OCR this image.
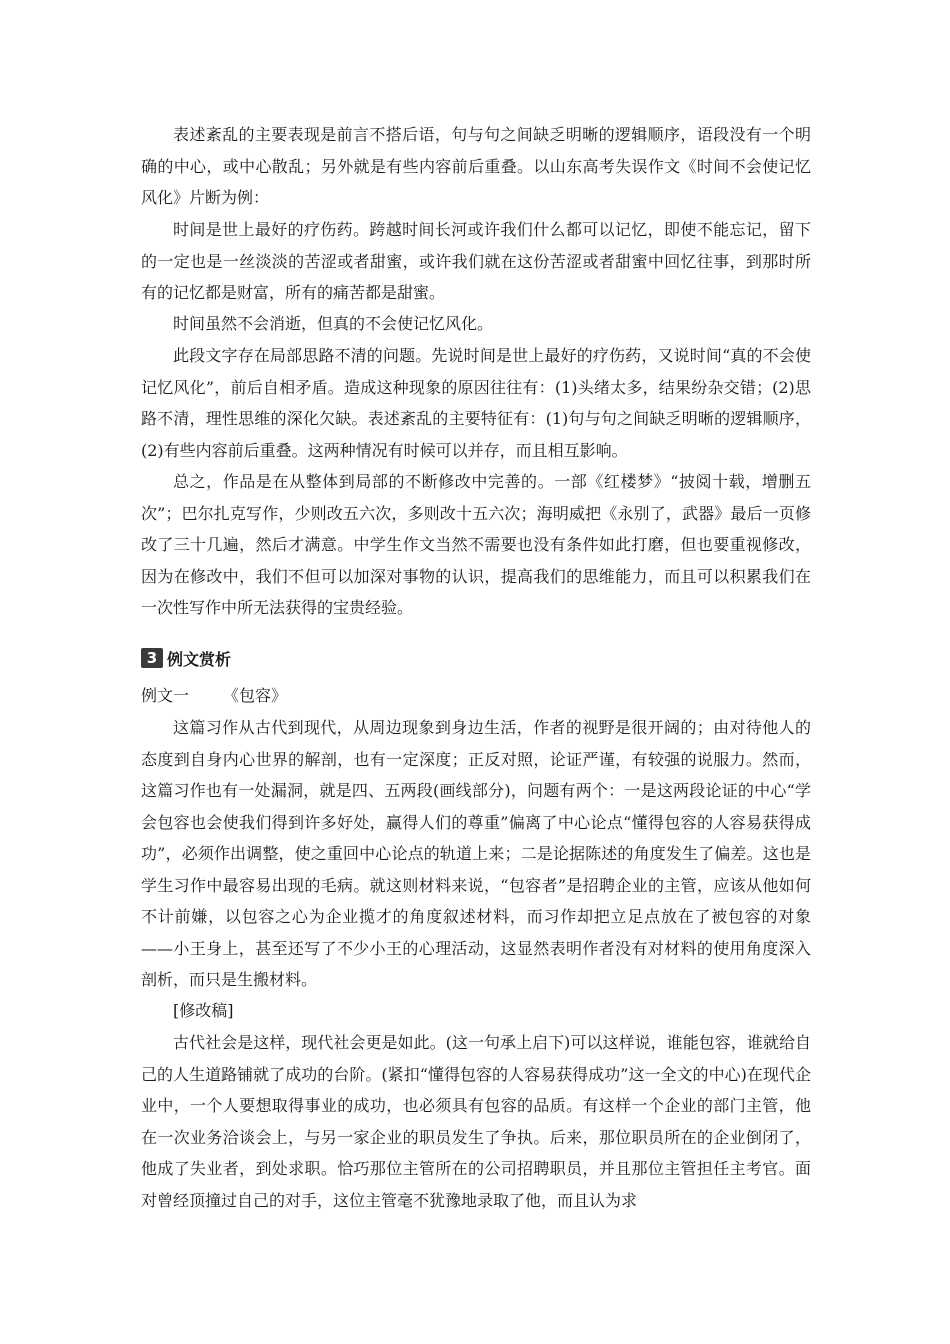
表述紊乱的主要表现是前言不搭后语，句与句之间缺乏明晰的逻辑顺序，语段没有一个明确的中心，或中心散乱；另外就是有些内容前后重叠。以山东高考失误作文《时间不会使记忆风化》片断为例：

时间是世上最好的疗伤药。跨越时间长河或许我们什么都可以记忆，即使不能忘记，留下的一定也是一丝淡淡的苦涩或者甜蜜，或许我们就在这份苦涩或者甜蜜中回忆往事，到那时所有的记忆都是财富，所有的痛苦都是甜蜜。

时间虽然不会消逝，但真的不会使记忆风化。

此段文字存在局部思路不清的问题。先说时间是世上最好的疗伤药，又说时间“真的不会使记忆风化”，前后自相矛盾。造成这种现象的原因往往有：(1)头绪太多，结果纷杂交错；(2)思路不清，理性思维的深化欠缺。表述紊乱的主要特征有：(1)句与句之间缺乏明晰的逻辑顺序，(2)有些内容前后重叠。这两种情况有时候可以并存，而且相互影响。

总之，作品是在从整体到局部的不断修改中完善的。一部《红楼梦》“披阅十载，增删五次”；巴尔扎克写作，少则改五六次，多则改十五六次；海明威把《永别了，武器》最后一页修改了三十几遍，然后才满意。中学生作文当然不需要也没有条件如此打磨，但也要重视修改，因为在修改中，我们不但可以加深对事物的认识，提高我们的思维能力，而且可以积累我们在一次性写作中所无法获得的宝贵经验。

3 例文赏析

例文一 《包容》

这篇习作从古代到现代，从周边现象到身边生活，作者的视野是很开阔的；由对待他人的态度到自身内心世界的解剖，也有一定深度；正反对照，论证严谨，有较强的说服力。然而，这篇习作也有一处漏洞，就是四、五两段(画线部分)，问题有两个：一是这两段论证的中心“学会包容也会使我们得到许多好处，赢得人们的尊重”偏离了中心论点“懂得包容的人容易获得成功”，必须作出调整，使之重回中心论点的轨道上来；二是论据陈述的角度发生了偏差。这也是学生习作中最容易出现的毛病。就这则材料来说，“包容者”是招聘企业的主管，应该从他如何不计前嫌，以包容之心为企业揽才的角度叙述材料，而习作却把立足点放在了被包容的对象——小王身上，甚至还写了不少小王的心理活动，这显然表明作者没有对材料的使用角度深入剖析，而只是生搬材料。

[修改稿]

古代社会是这样，现代社会更是如此。(这一句承上启下)可以这样说，谁能包容，谁就给自己的人生道路铺就了成功的台阶。(紧扣“懂得包容的人容易获得成功”这一全文的中心)在现代企业中，一个人要想取得事业的成功，也必须具有包容的品质。有这样一个企业的部门主管，他在一次业务洽谈会上，与另一家企业的职员发生了争执。后来，那位职员所在的企业倒闭了，他成了失业者，到处求职。恰巧那位主管所在的公司招聘职员，并且那位主管担任主考官。面对曾经顶撞过自己的对手，这位主管毫不犹豫地录取了他，而且认为求
